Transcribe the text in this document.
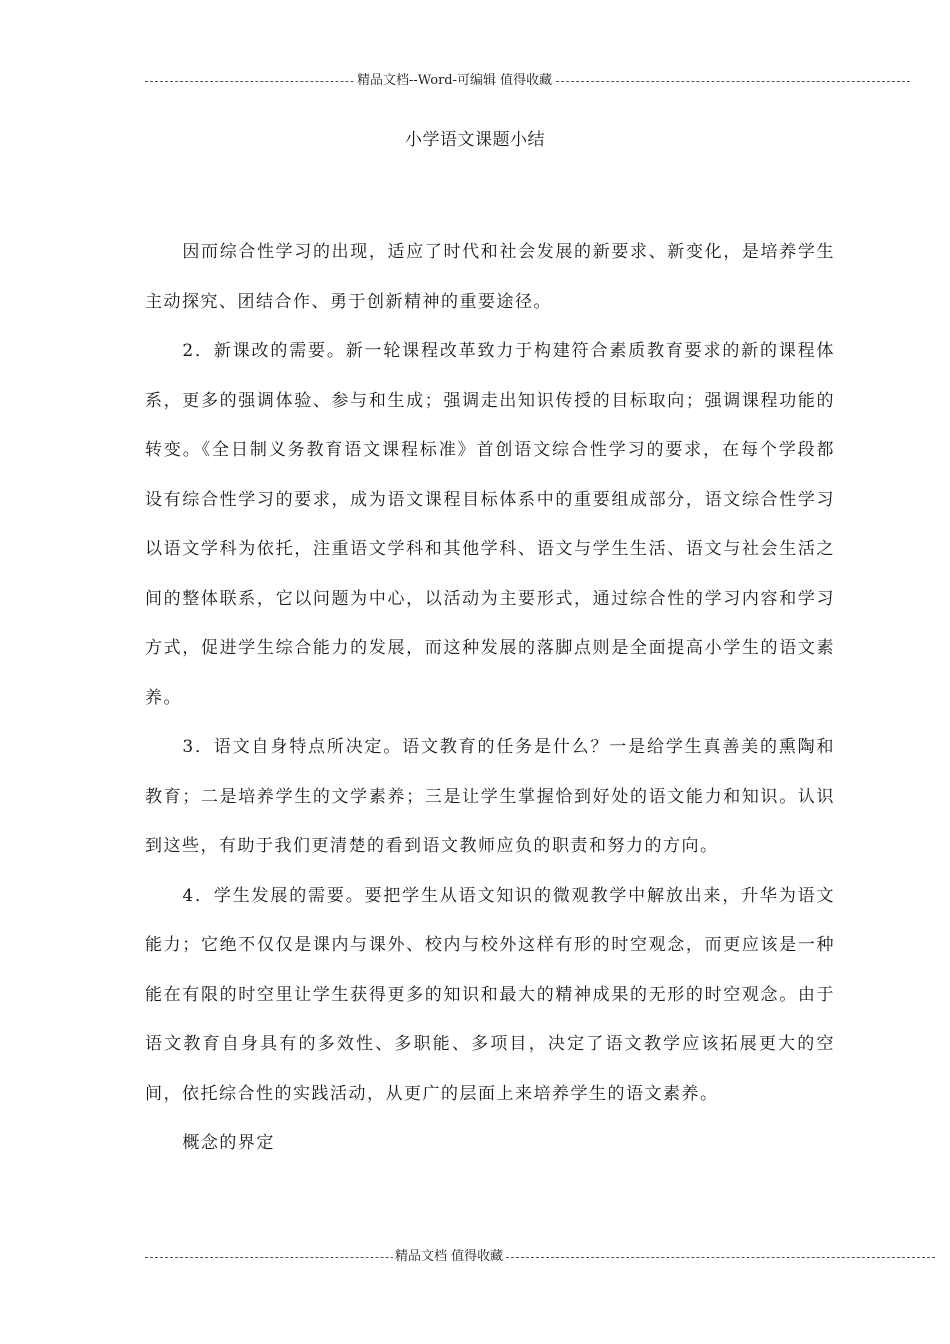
精品文档--Word-可编辑 值得收藏
小学语文课题小结

因而综合性学习的出现，适应了时代和社会发展的新要求、新变化，是培养学生主动探究、团结合作、勇于创新精神的重要途径。

2．新课改的需要。新一轮课程改革致力于构建符合素质教育要求的新的课程体系，更多的强调体验、参与和生成；强调走出知识传授的目标取向；强调课程功能的转变。《全日制义务教育语文课程标准》首创语文综合性学习的要求，在每个学段都设有综合性学习的要求，成为语文课程目标体系中的重要组成部分，语文综合性学习以语文学科为依托，注重语文学科和其他学科、语文与学生生活、语文与社会生活之间的整体联系，它以问题为中心，以活动为主要形式，通过综合性的学习内容和学习方式，促进学生综合能力的发展，而这种发展的落脚点则是全面提高小学生的语文素养。

3．语文自身特点所决定。语文教育的任务是什么？一是给学生真善美的熏陶和教育；二是培养学生的文学素养；三是让学生掌握恰到好处的语文能力和知识。认识到这些，有助于我们更清楚的看到语文教师应负的职责和努力的方向。

4．学生发展的需要。要把学生从语文知识的微观教学中解放出来，升华为语文能力；它绝不仅仅是课内与课外、校内与校外这样有形的时空观念，而更应该是一种能在有限的时空里让学生获得更多的知识和最大的精神成果的无形的时空观念。由于语文教育自身具有的多效性、多职能、多项目，决定了语文教学应该拓展更大的空间，依托综合性的实践活动，从更广的层面上来培养学生的语文素养。

概念的界定

精品文档 值得收藏
